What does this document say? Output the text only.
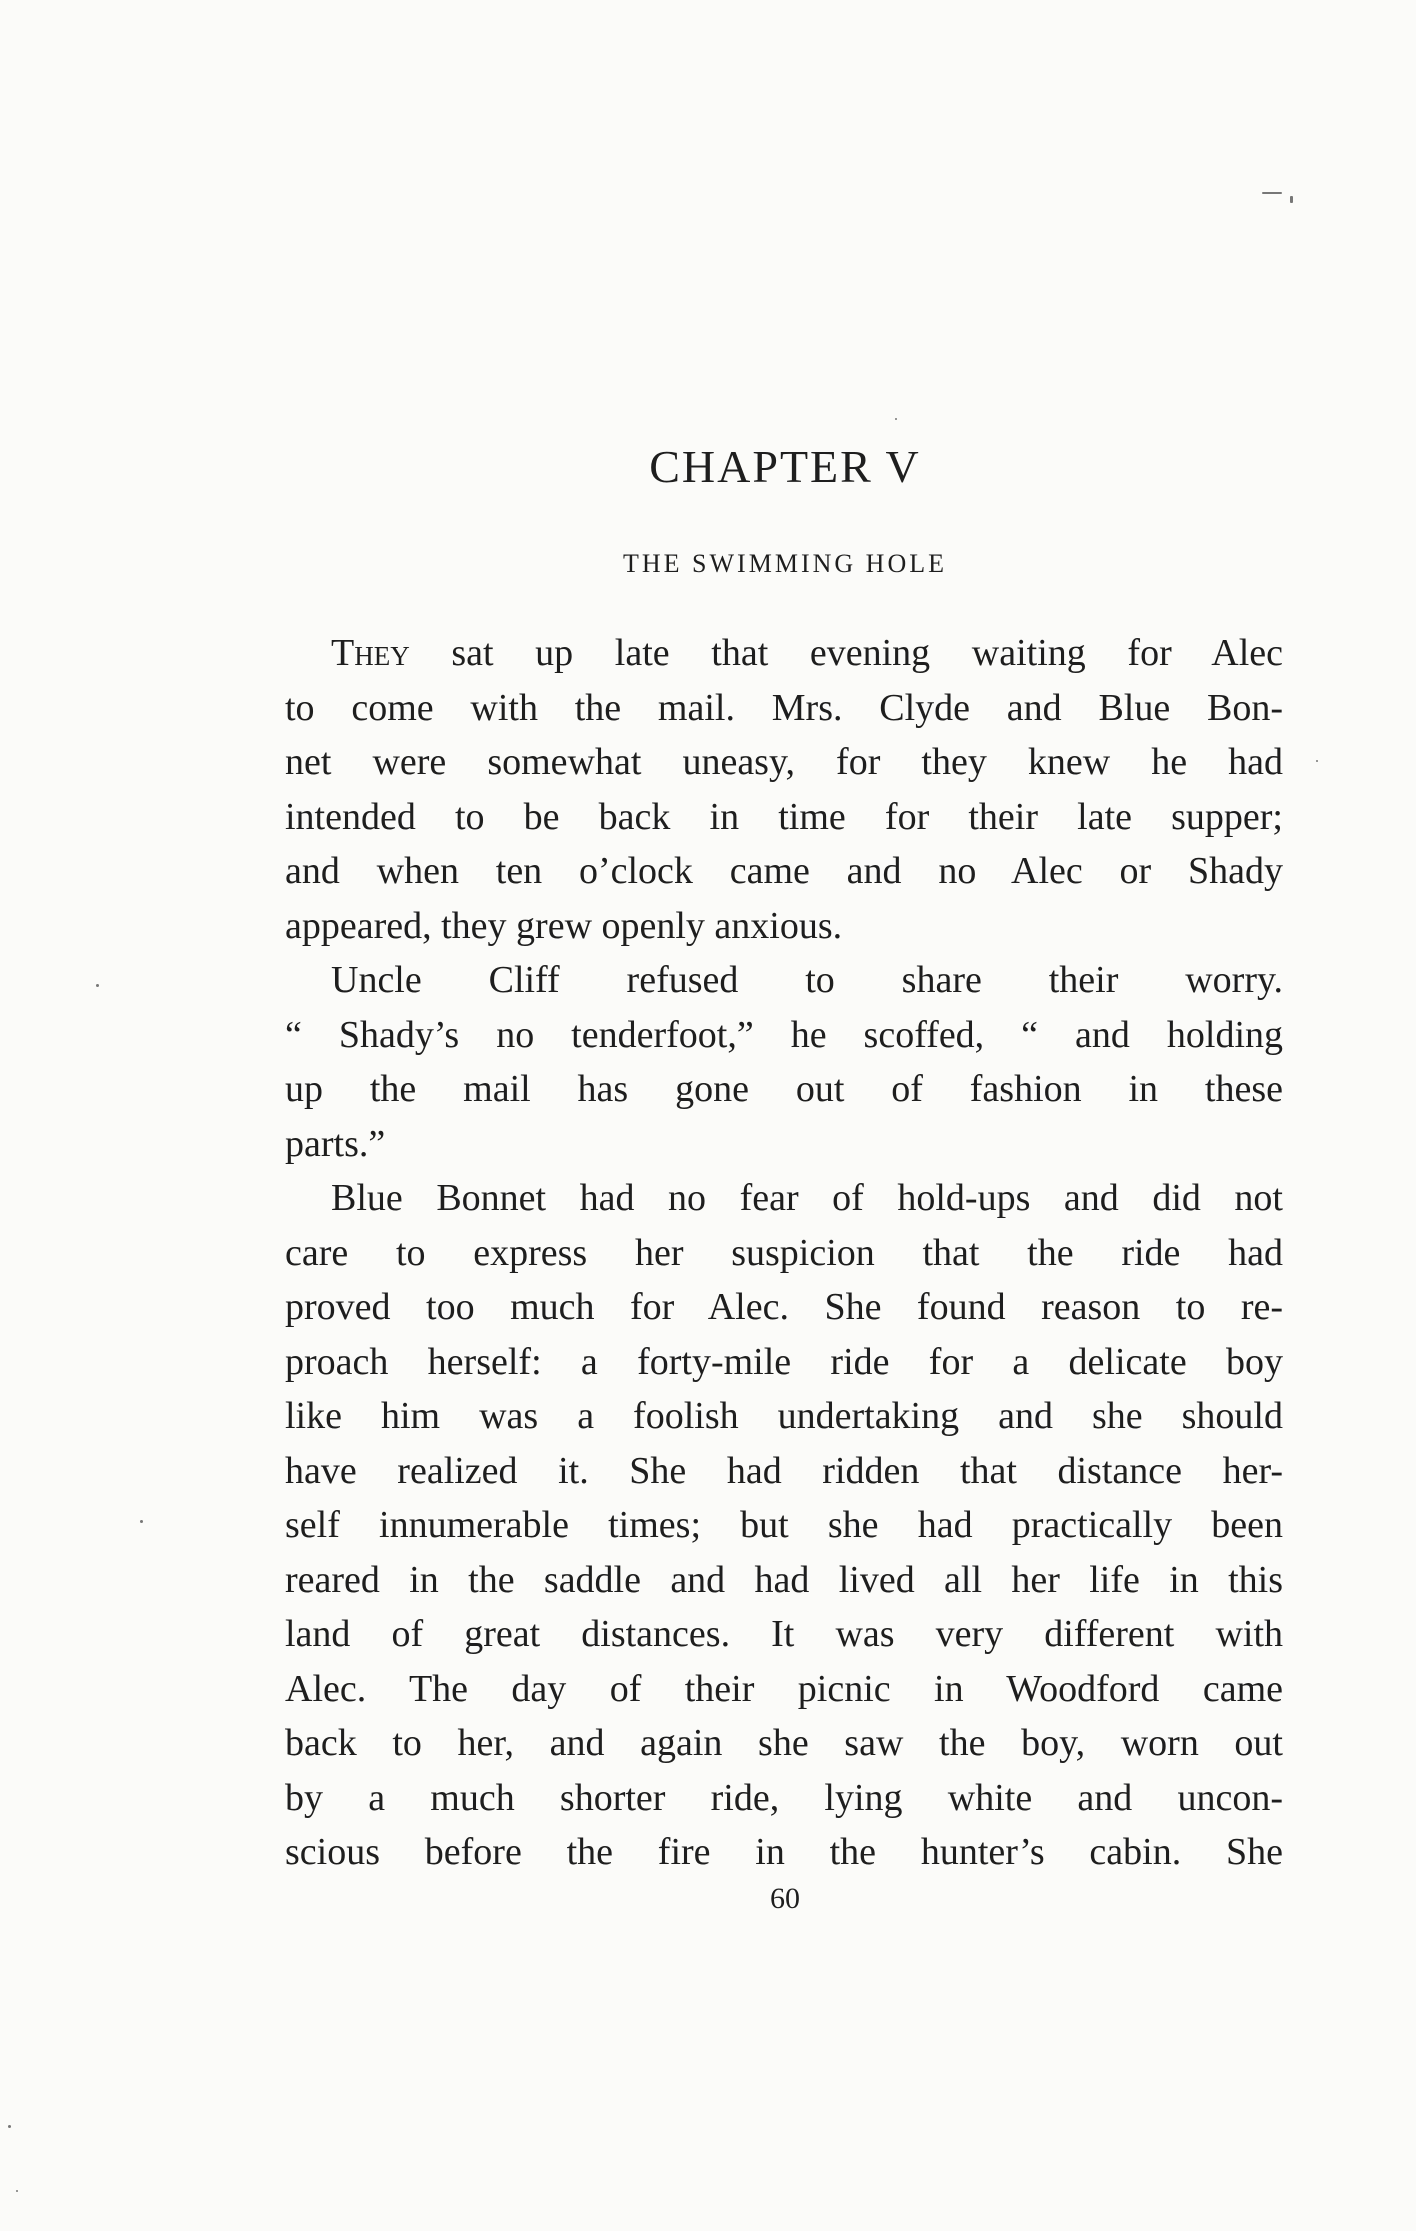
CHAPTER V
THE SWIMMING HOLE
They sat up late that evening waiting for Alec
to come with the mail. Mrs. Clyde and Blue Bon-
net were somewhat uneasy, for they knew he had
intended to be back in time for their late supper;
and when ten o’clock came and no Alec or Shady
appeared, they grew openly anxious.
Uncle Cliff refused to share their worry.
“ Shady’s no tenderfoot,” he scoffed, “ and holding
up the mail has gone out of fashion in these
parts.”
Blue Bonnet had no fear of hold-ups and did not
care to express her suspicion that the ride had
proved too much for Alec. She found reason to re-
proach herself: a forty-mile ride for a delicate boy
like him was a foolish undertaking and she should
have realized it. She had ridden that distance her-
self innumerable times; but she had practically been
reared in the saddle and had lived all her life in this
land of great distances. It was very different with
Alec. The day of their picnic in Woodford came
back to her, and again she saw the boy, worn out
by a much shorter ride, lying white and uncon-
scious before the fire in the hunter’s cabin. She
60
